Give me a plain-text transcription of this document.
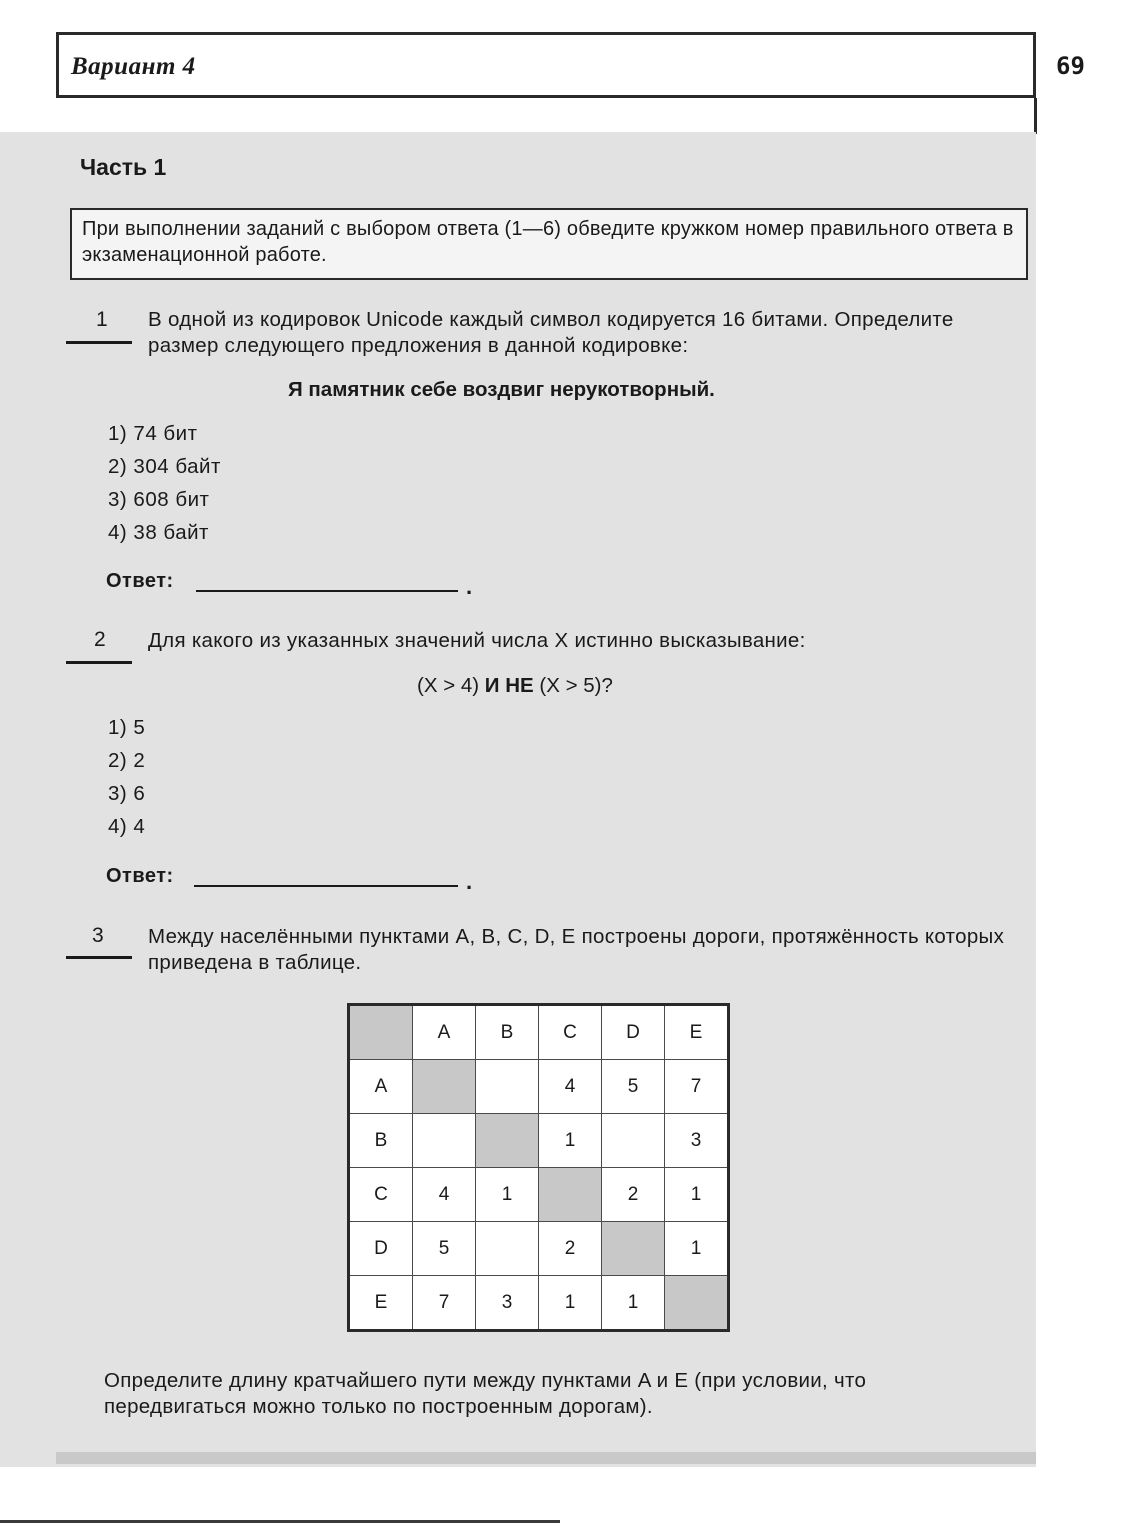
Вариант 4	69
Часть 1
При выполнении заданий с выбором ответа (1—6) обведите кружком номер правильного ответа в экзаменационной работе.
1 В одной из кодировок Unicode каждый символ кодируется 16 битами. Определите размер следующего предложения в данной кодировке:
Я памятник себе воздвиг нерукотворный.
1) 74 бит
2) 304 байт
3) 608 бит
4) 38 байт
Ответ:	.
2 Для какого из указанных значений числа X истинно высказывание:
(X > 4) И НЕ (X > 5)?
1) 5
2) 2
3) 6
4) 4
Ответ:	.
3 Между населёнными пунктами A, B, C, D, E построены дороги, протяжённость которых приведена в таблице.
	A	B	C	D	E
A			4	5	7
B			1		3
C	4	1		2	1
D	5		2		1
E	7	3	1	1	
Определите длину кратчайшего пути между пунктами A и E (при условии, что передвигаться можно только по построенным дорогам).
